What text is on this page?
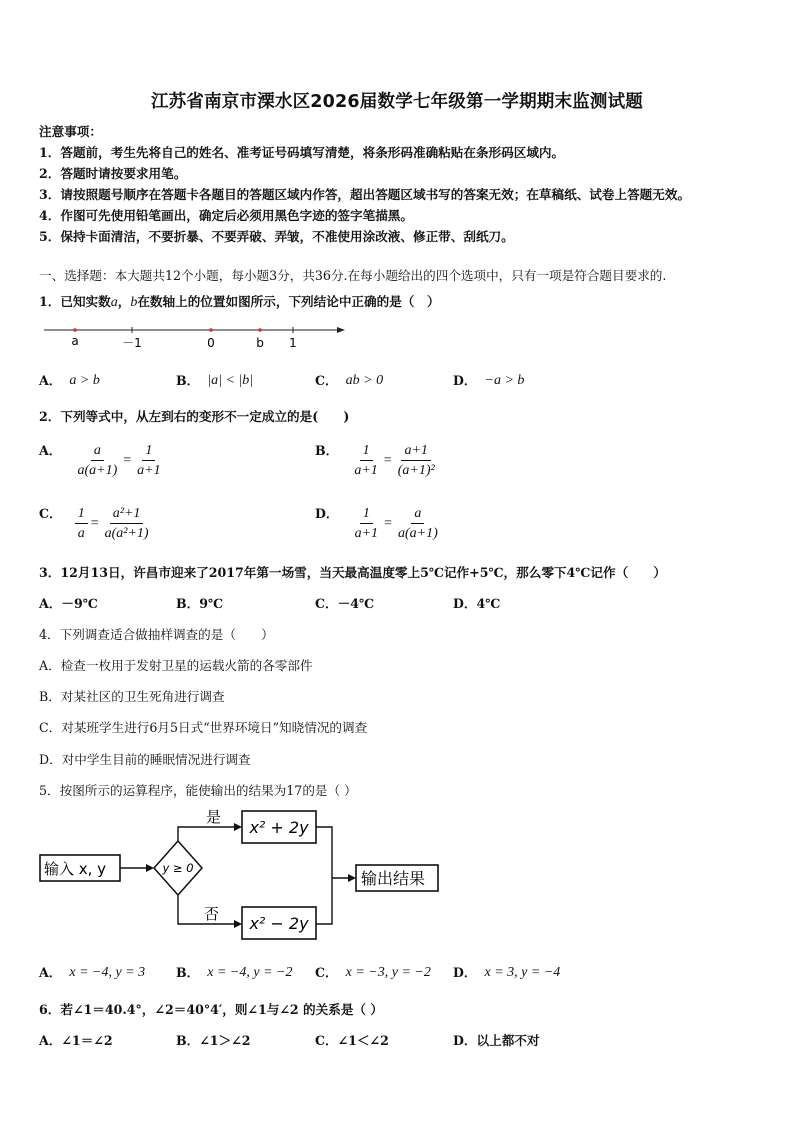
江苏省南京市溧水区2026届数学七年级第一学期期末监测试题
注意事项：
1．答题前，考生先将自己的姓名、准考证号码填写清楚，将条形码准确粘贴在条形码区域内。
2．答题时请按要求用笔。
3．请按照题号顺序在答题卡各题目的答题区域内作答，超出答题区域书写的答案无效；在草稿纸、试卷上答题无效。
4．作图可先使用铅笔画出，确定后必须用黑色字迹的签字笔描黑。
5．保持卡面清洁，不要折暴、不要弄破、弄皱，不准使用涂改液、修正带、刮纸刀。
一、选择题：本大题共12个小题，每小题3分，共36分.在每小题给出的四个选项中，只有一项是符合题目要求的.
1．已知实数a，b在数轴上的位置如图所示，下列结论中正确的是（　）
a	－1	0	b 1
A． a > b	B． |a| < |b|	C． ab > 0	D． −a > b
2．下列等式中，从左到右的变形不一定成立的是(　　)
A． $\frac{a}{a(a+1)} = \frac{1}{a+1}$	B． $\frac{1}{a+1} = \frac{a+1}{\text{(a+1)²}}$
C． $\frac{1}{a} = \frac{\text{a²+1}}{\text{a(a²+1)}}$	D． $\frac{1}{a+1} = \frac{a}{a(a+1)}$
3．12月13日，许昌市迎来了2017年第一场雪，当天最高温度零上5℃记作+5℃，那么零下4℃记作（　　）
A．－9℃	B．9℃	C．－4℃	D．4℃
4．下列调查适合做抽样调查的是（　　）
A．检查一枚用于发射卫星的运载火箭的各零部件
B．对某社区的卫生死角进行调查
C．对某班学生进行6月5日式“世界环境日”知晓情况的调查
D．对中学生目前的睡眠情况进行调查
5．按图所示的运算程序，能使输出的结果为17的是（ ）
输入 x, y	y ≥ 0
是
x² + 2y
否 x² − 2y
输出结果
A． x = −4, y = 3 B． x = −4, y = −2 C． x = −3, y = −2 D． x = 3, y = −4
6．若∠1＝40.4°，∠2＝40°4′，则∠1与∠2 的关系是（ ）
A．∠1＝∠2	B．∠1＞∠2	C．∠1＜∠2	D．以上都不对
